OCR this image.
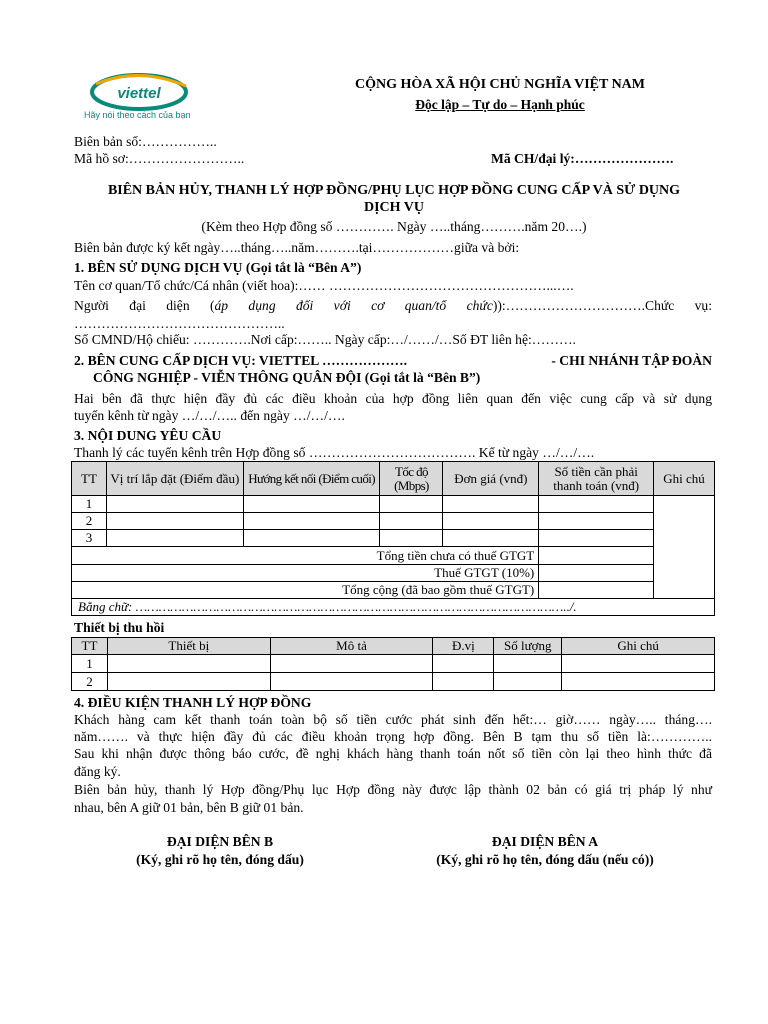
viettel
Hãy nói theo cách của bạn
CỘNG HÒA XÃ HỘI CHỦ NGHĨA VIỆT NAM
Độc lập – Tự do – Hạnh phúc
Biên bản số:……………..
Mã hồ sơ:……………………..	Mã CH/đại lý:………………….
BIÊN BẢN HỦY, THANH LÝ HỢP ĐỒNG/PHỤ LỤC HỢP ĐỒNG CUNG CẤP VÀ SỬ DỤNG
DỊCH VỤ
(Kèm theo Hợp đồng số …………. Ngày …..tháng……….năm 20….)
Biên bản được ký kết ngày…..tháng…..năm……….tại………………giữa và bởi:
1. BÊN SỬ DỤNG DỊCH VỤ (Gọi tắt là “Bên A”)
Tên cơ quan/Tổ chức/Cá nhân (viết hoa):…… …………………………………………...….
Người đại diện (áp dụng đối với cơ quan/tổ chức)):………………………….Chức vụ:
………………………………………..
Số CMND/Hộ chiếu: ………….Nơi cấp:…….. Ngày cấp:…/……/…Số ĐT liên hệ:……….
2. BÊN CUNG CẤP DỊCH VỤ: VIETTEL ……………….	- CHI NHÁNH TẬP ĐOÀN
CÔNG NGHIỆP - VIỄN THÔNG QUÂN ĐỘI (Gọi tắt là “Bên B”)
Hai bên đã thực hiện đầy đủ các điều khoản của hợp đồng liên quan đến việc cung cấp và sử dụng
tuyến kênh từ ngày …/…/….. đến ngày …/…/….
3. NỘI DUNG YÊU CẦU
Thanh lý các tuyến kênh trên Hợp đồng số ………………………………. Kể từ ngày …/…/….
TT	Vị trí lắp đặt (Điểm đầu)	Hướng kết nối (Điểm cuối)	Tốc độ (Mbps)	Đơn giá (vnđ)	Số tiền cần phải thanh toán (vnđ)	Ghi chú
1						
2						
3						
Tổng tiền chưa có thuế GTGT						
Thuế GTGT (10%)						
Tổng cộng (đã bao gồm thuế GTGT)						
Bằng chữ: …………………………………………………………………………………………………../.						
Thiết bị thu hồi
TT	Thiết bị	Mô tả	Đ.vị	Số lượng	Ghi chú
1					
2					
4. ĐIỀU KIỆN THANH LÝ HỢP ĐỒNG
Khách hàng cam kết thanh toán toàn bộ số tiền cước phát sinh đến hết:… giờ…… ngày….. tháng….
năm……. và thực hiện đầy đủ các điều khoản trọng hợp đồng. Bên B tạm thu số tiền là:…………..
Sau khi nhận được thông báo cước, đề nghị khách hàng thanh toán nốt số tiền còn lại theo hình thức đã
đăng ký.
Biên bản hủy, thanh lý Hợp đồng/Phụ lục Hợp đồng này được lập thành 02 bản có giá trị pháp lý như
nhau, bên A giữ 01 bản, bên B giữ 01 bản.
ĐẠI DIỆN BÊN B
(Ký, ghi rõ họ tên, đóng dấu)
ĐẠI DIỆN BÊN A
(Ký, ghi rõ họ tên, đóng dấu (nếu có))
